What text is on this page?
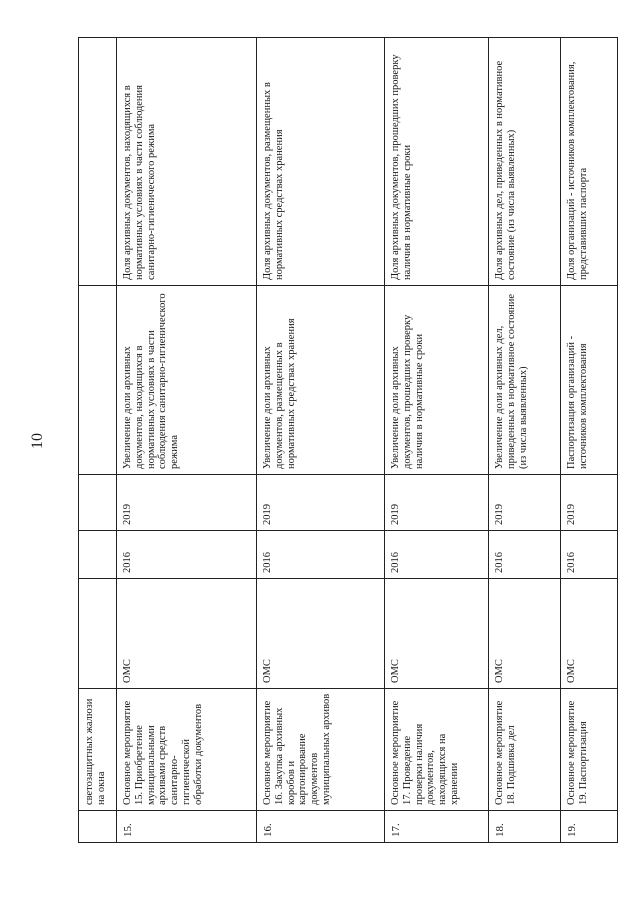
10
	светозащитных жалюзи на окна					
15.	Основное мероприятие 15. Приобретение муниципальными архивами средств санитарно-гигиенической обработки документов	ОМС	2016	2019	Увеличение доли архивных документов, находящихся в нормативных условиях в части соблюдения санитарно-гигиенического режима	Доля архивных документов, находящихся в нормативных условиях в части соблюдения санитарно-гигиенического режима
16.	Основное мероприятие 16. Закупка архивных коробов и картонирование документов муниципальных архивов	ОМС	2016	2019	Увеличение доли архивных документов, размещенных в нормативных средствах хранения	Доля архивных документов, размещенных в нормативных средствах хранения
17.	Основное мероприятие 17. Проведение проверки наличия документов, находящихся на хранении	ОМС	2016	2019	Увеличение доли архивных документов, прошедших проверку наличия в нормативные сроки	Доля архивных документов, прошедших проверку наличия в нормативные сроки
18.	Основное мероприятие 18. Подшивка дел	ОМС	2016	2019	Увеличение доли архивных дел, приведенных в нормативное состояние (из числа выявленных)	Доля архивных дел, приведенных в нормативное состояние (из числа выявленных)
19.	Основное мероприятие 19. Паспортизация	ОМС	2016	2019	Паспортизация организаций - источников комплектования	Доля организаций - источников комплектования, представивших паспорта
